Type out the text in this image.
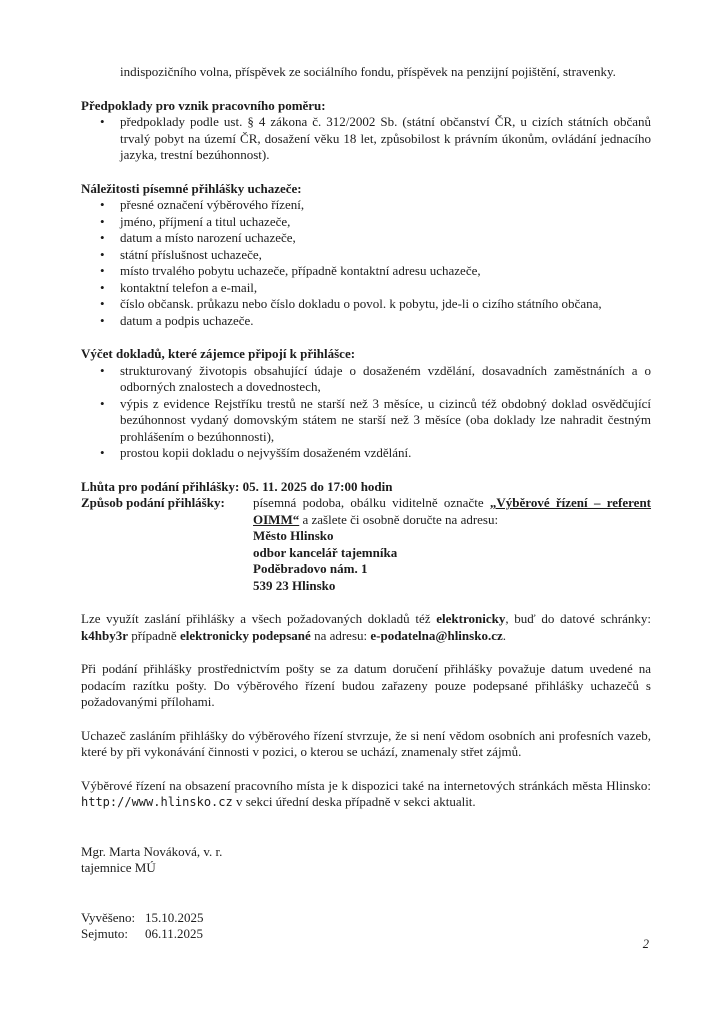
indispozičního volna, příspěvek ze sociálního fondu, příspěvek na penzijní pojištění, stravenky.

Předpoklady pro vznik pracovního poměru:
• předpoklady podle ust. § 4 zákona č. 312/2002 Sb. (státní občanství ČR, u cizích státních občanů trvalý pobyt na území ČR, dosažení věku 18 let, způsobilost k právním úkonům, ovládání jednacího jazyka, trestní bezúhonnost).
Náležitosti písemné přihlášky uchazeče:
• přesné označení výběrového řízení,
• jméno, příjmení a titul uchazeče,
• datum a místo narození uchazeče,
• státní příslušnost uchazeče,
• místo trvalého pobytu uchazeče, případně kontaktní adresu uchazeče,
• kontaktní telefon a e-mail,
• číslo občansk. průkazu nebo číslo dokladu o povol. k pobytu, jde-li o cizího státního občana,
• datum a podpis uchazeče.
Výčet dokladů, které zájemce připojí k přihlášce:
• strukturovaný životopis obsahující údaje o dosaženém vzdělání, dosavadních zaměstnáních a o odborných znalostech a dovednostech,
• výpis z evidence Rejstříku trestů ne starší než 3 měsíce, u cizinců též obdobný doklad osvědčující bezúhonnost vydaný domovským státem ne starší než 3 měsíce (oba doklady lze nahradit čestným prohlášením o bezúhonnosti),
• prostou kopii dokladu o nejvyšším dosaženém vzdělání.

Lhůta pro podání přihlášky: 05. 11. 2025 do 17:00 hodin

Způsob podání přihlášky:	písemná podoba, obálku viditelně označte „Výběrové řízení – referent OIMM“ a zašlete či osobně doručte na adresu:

Město Hlinsko

odbor kancelář tajemníka

Poděbradovo nám. 1

539 23 Hlinsko

Lze využít zaslání přihlášky a všech požadovaných dokladů též elektronicky, buď do datové schránky: k4hby3r případně elektronicky podepsané na adresu: e-podatelna@hlinsko.cz.

Při podání přihlášky prostřednictvím pošty se za datum doručení přihlášky považuje datum uvedené na podacím razítku pošty. Do výběrového řízení budou zařazeny pouze podepsané přihlášky uchazečů s požadovanými přílohami.

Uchazeč zasláním přihlášky do výběrového řízení stvrzuje, že si není vědom osobních ani profesních vazeb, které by při vykonávání činnosti v pozici, o kterou se uchází, znamenaly střet zájmů.

Výběrové řízení na obsazení pracovního místa je k dispozici také na internetových stránkách města Hlinsko: http://www.hlinsko.cz v sekci úřední deska případně v sekci aktualit.

Mgr. Marta Nováková, v. r.

tajemnice MÚ

Vyvěšeno: 15.10.2025
Sejmuto:	06.11.2025
2
